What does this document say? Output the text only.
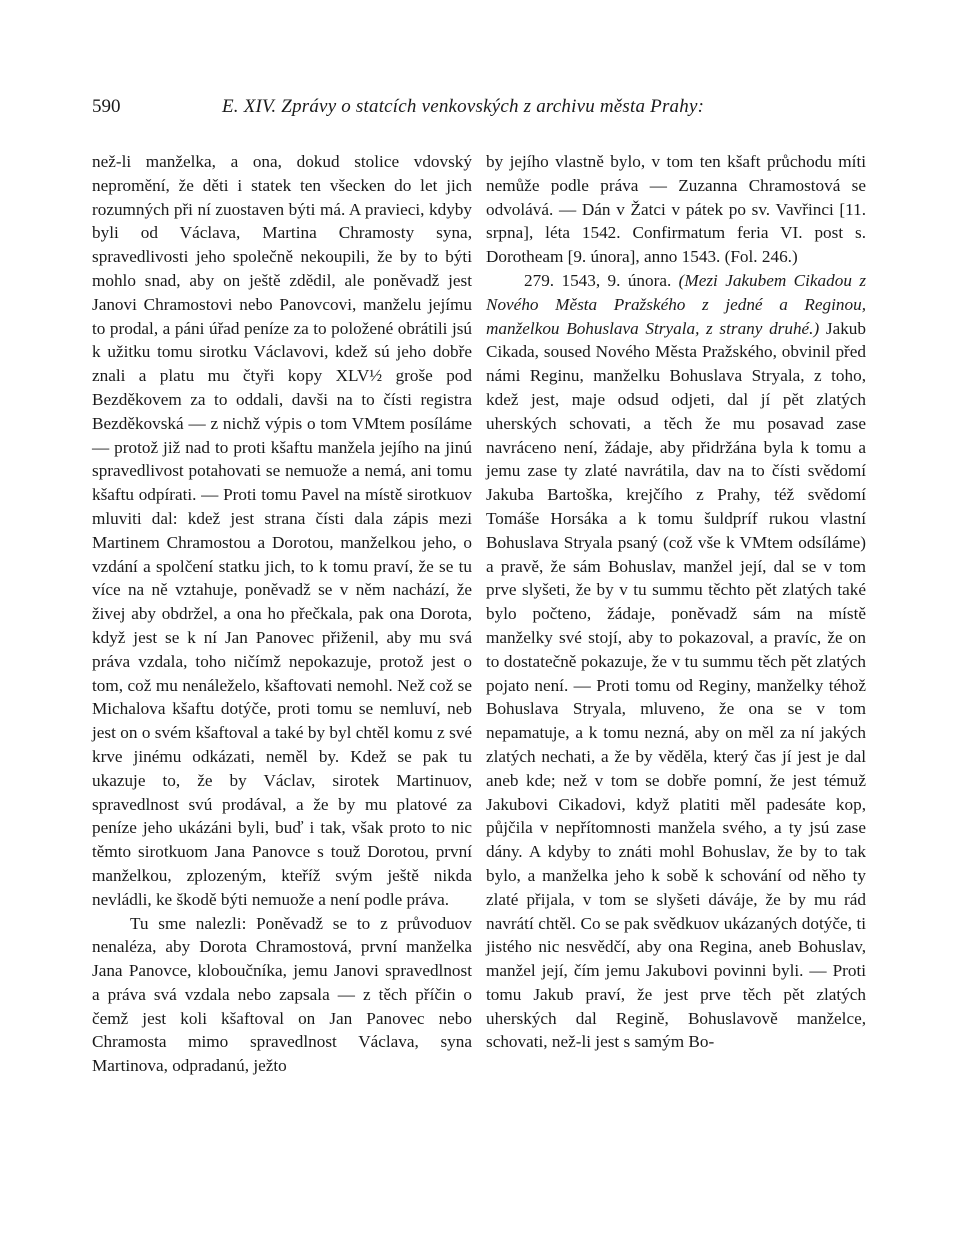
590	E. XIV. Zprávy o statcích venkovských z archivu města Prahy:

než-li manželka, a ona, dokud stolice vdovský nepromění, že děti i statek ten všecken do let jich rozumných při ní zuostaven býti má. A pravieci, kdyby byli od Václava, Martina Chramosty syna, spravedlivosti jeho společně nekoupili, že by to býti mohlo snad, aby on ještě zdědil, ale poněvadž jest Janovi Chramostovi nebo Panovcovi, manželu jejímu to prodal, a páni úřad peníze za to položené obrátili jsú k užitku tomu sirotku Václavovi, kdež sú jeho dobře znali a platu mu čtyři kopy XLV½ groše pod Bezděkovem za to oddali, davši na to čísti registra Bezděkovská — z nichž výpis o tom VMtem posíláme — protož již nad to proti kšaftu manžela jejího na jinú spravedlivost potahovati se nemuože a nemá, ani tomu kšaftu odpírati. — Proti tomu Pavel na místě sirotkuov mluviti dal: kdež jest strana čísti dala zápis mezi Martinem Chramostou a Dorotou, manželkou jeho, o vzdání a spolčení statku jich, to k tomu praví, že se tu více na ně vztahuje, poněvadž se v něm nachází, že živej aby obdržel, a ona ho přečkala, pak ona Dorota, když jest se k ní Jan Panovec přiženil, aby mu svá práva vzdala, toho ničímž nepokazuje, protož jest o tom, což mu nenáleželo, kšaftovati nemohl. Než což se Michalova kšaftu dotýče, proti tomu se nemluví, neb jest on o svém kšaftoval a také by byl chtěl komu z své krve jinému odkázati, neměl by. Kdež se pak tu ukazuje to, že by Václav, sirotek Martinuov, spravedlnost svú prodával, a že by mu platové za peníze jeho ukázáni byli, buď i tak, však proto to nic těmto sirotkuom Jana Panovce s touž Dorotou, první manželkou, zplozeným, kteříž svým ještě nikda nevládli, ke škodě býti nemuože a není podle práva.

Tu sme nalezli: Poněvadž se to z průvoduov nenaléza, aby Dorota Chramostová, první manželka Jana Panovce, kloboučníka, jemu Janovi spravedlnost a práva svá vzdala nebo zapsala — z těch příčin o čemž jest koli kšaftoval on Jan Panovec nebo Chramosta mimo spravedlnost Václava, syna Martinova, odpradanú, ježto

by jejího vlastně bylo, v tom ten kšaft průchodu míti nemůže podle práva — Zuzanna Chramostová se odvolává. — Dán v Žatci v pátek po sv. Vavřinci [11. srpna], léta 1542. Confirmatum feria VI. post s. Dorotheam [9. února], anno 1543. (Fol. 246.)

279. 1543, 9. února. (Mezi Jakubem Cikadou z Nového Města Pražského z jedné a Reginou, manželkou Bohuslava Stryala, z strany druhé.) Jakub Cikada, soused Nového Města Pražského, obvinil před námi Reginu, manželku Bohuslava Stryala, z toho, kdež jest, maje odsud odjeti, dal jí pět zlatých uherských schovati, a těch že mu posavad zase navráceno není, žádaje, aby přidržána byla k tomu a jemu zase ty zlaté navrátila, dav na to čísti svědomí Jakuba Bartoška, krejčího z Prahy, též svědomí Tomáše Horsáka a k tomu šuldpríf rukou vlastní Bohuslava Stryala psaný (což vše k VMtem odsíláme) a pravě, že sám Bohuslav, manžel její, dal se v tom prve slyšeti, že by v tu summu těchto pět zlatých také bylo počteno, žádaje, poněvadž sám na místě manželky své stojí, aby to pokazoval, a pravíc, že on to dostatečně pokazuje, že v tu summu těch pět zlatých pojato není. — Proti tomu od Reginy, manželky téhož Bohuslava Stryala, mluveno, že ona se v tom nepamatuje, a k tomu nezná, aby on měl za ní jakých zlatých nechati, a že by věděla, který čas jí jest je dal aneb kde; než v tom se dobře pomní, že jest témuž Jakubovi Cikadovi, když platiti měl padesáte kop, půjčila v nepřítomnosti manžela svého, a ty jsú zase dány. A kdyby to znáti mohl Bohuslav, že by to tak bylo, a manželka jeho k sobě k schování od něho ty zlaté přijala, v tom se slyšeti dáváje, že by mu rád navrátí chtěl. Co se pak svědkuov ukázaných dotýče, ti jistého nic nesvědčí, aby ona Regina, aneb Bohuslav, manžel její, čím jemu Jakubovi povinni byli. — Proti tomu Jakub praví, že jest prve těch pět zlatých uherských dal Regině, Bohuslavově manželce, schovati, než-li jest s samým Bo-
